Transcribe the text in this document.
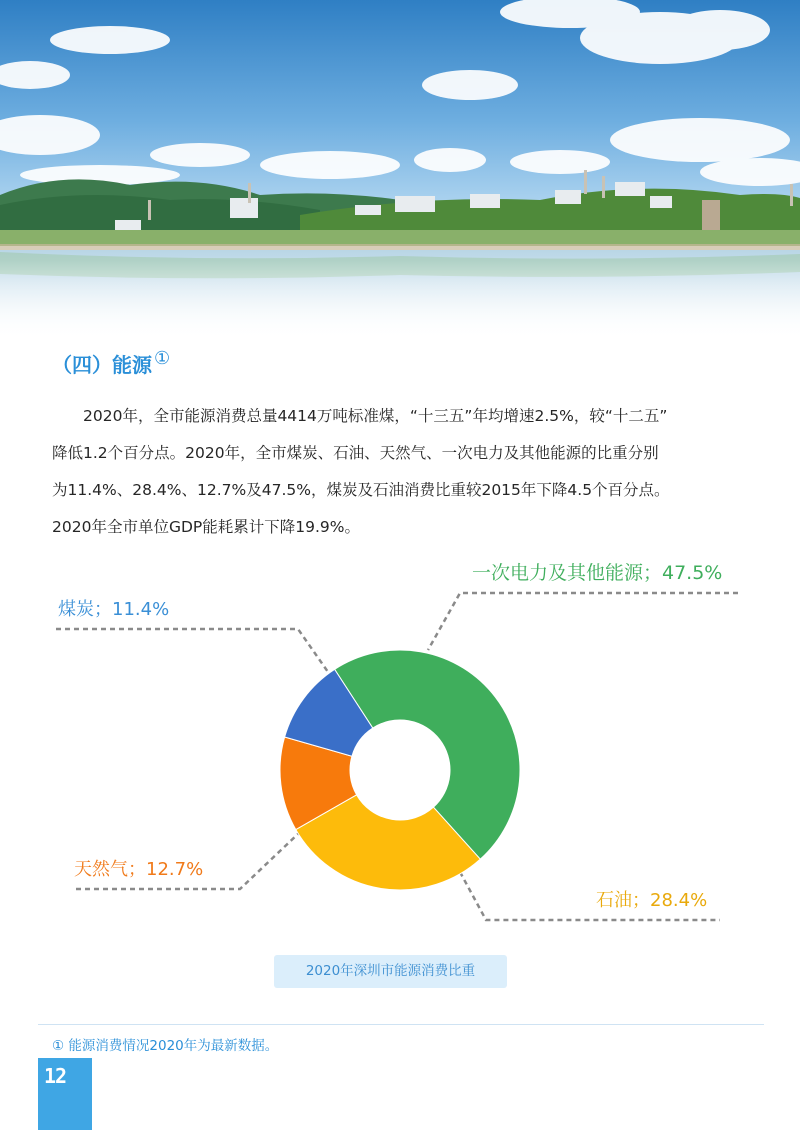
（四）能源 ①
2020年，全市能源消费总量4414万吨标准煤，“十三五”年均增速2.5%，较“十二五”
降低1.2个百分点。2020年，全市煤炭、石油、天然气、一次电力及其他能源的比重分别
为11.4%、28.4%、12.7%及47.5%，煤炭及石油消费比重较2015年下降4.5个百分点。
2020年全市单位GDP能耗累计下降19.9%。
煤炭；11.4%
一次电力及其他能源；47.5%
天然气；12.7%
石油；28.4%
2020年深圳市能源消费比重
① 能源消费情况2020年为最新数据。
12
